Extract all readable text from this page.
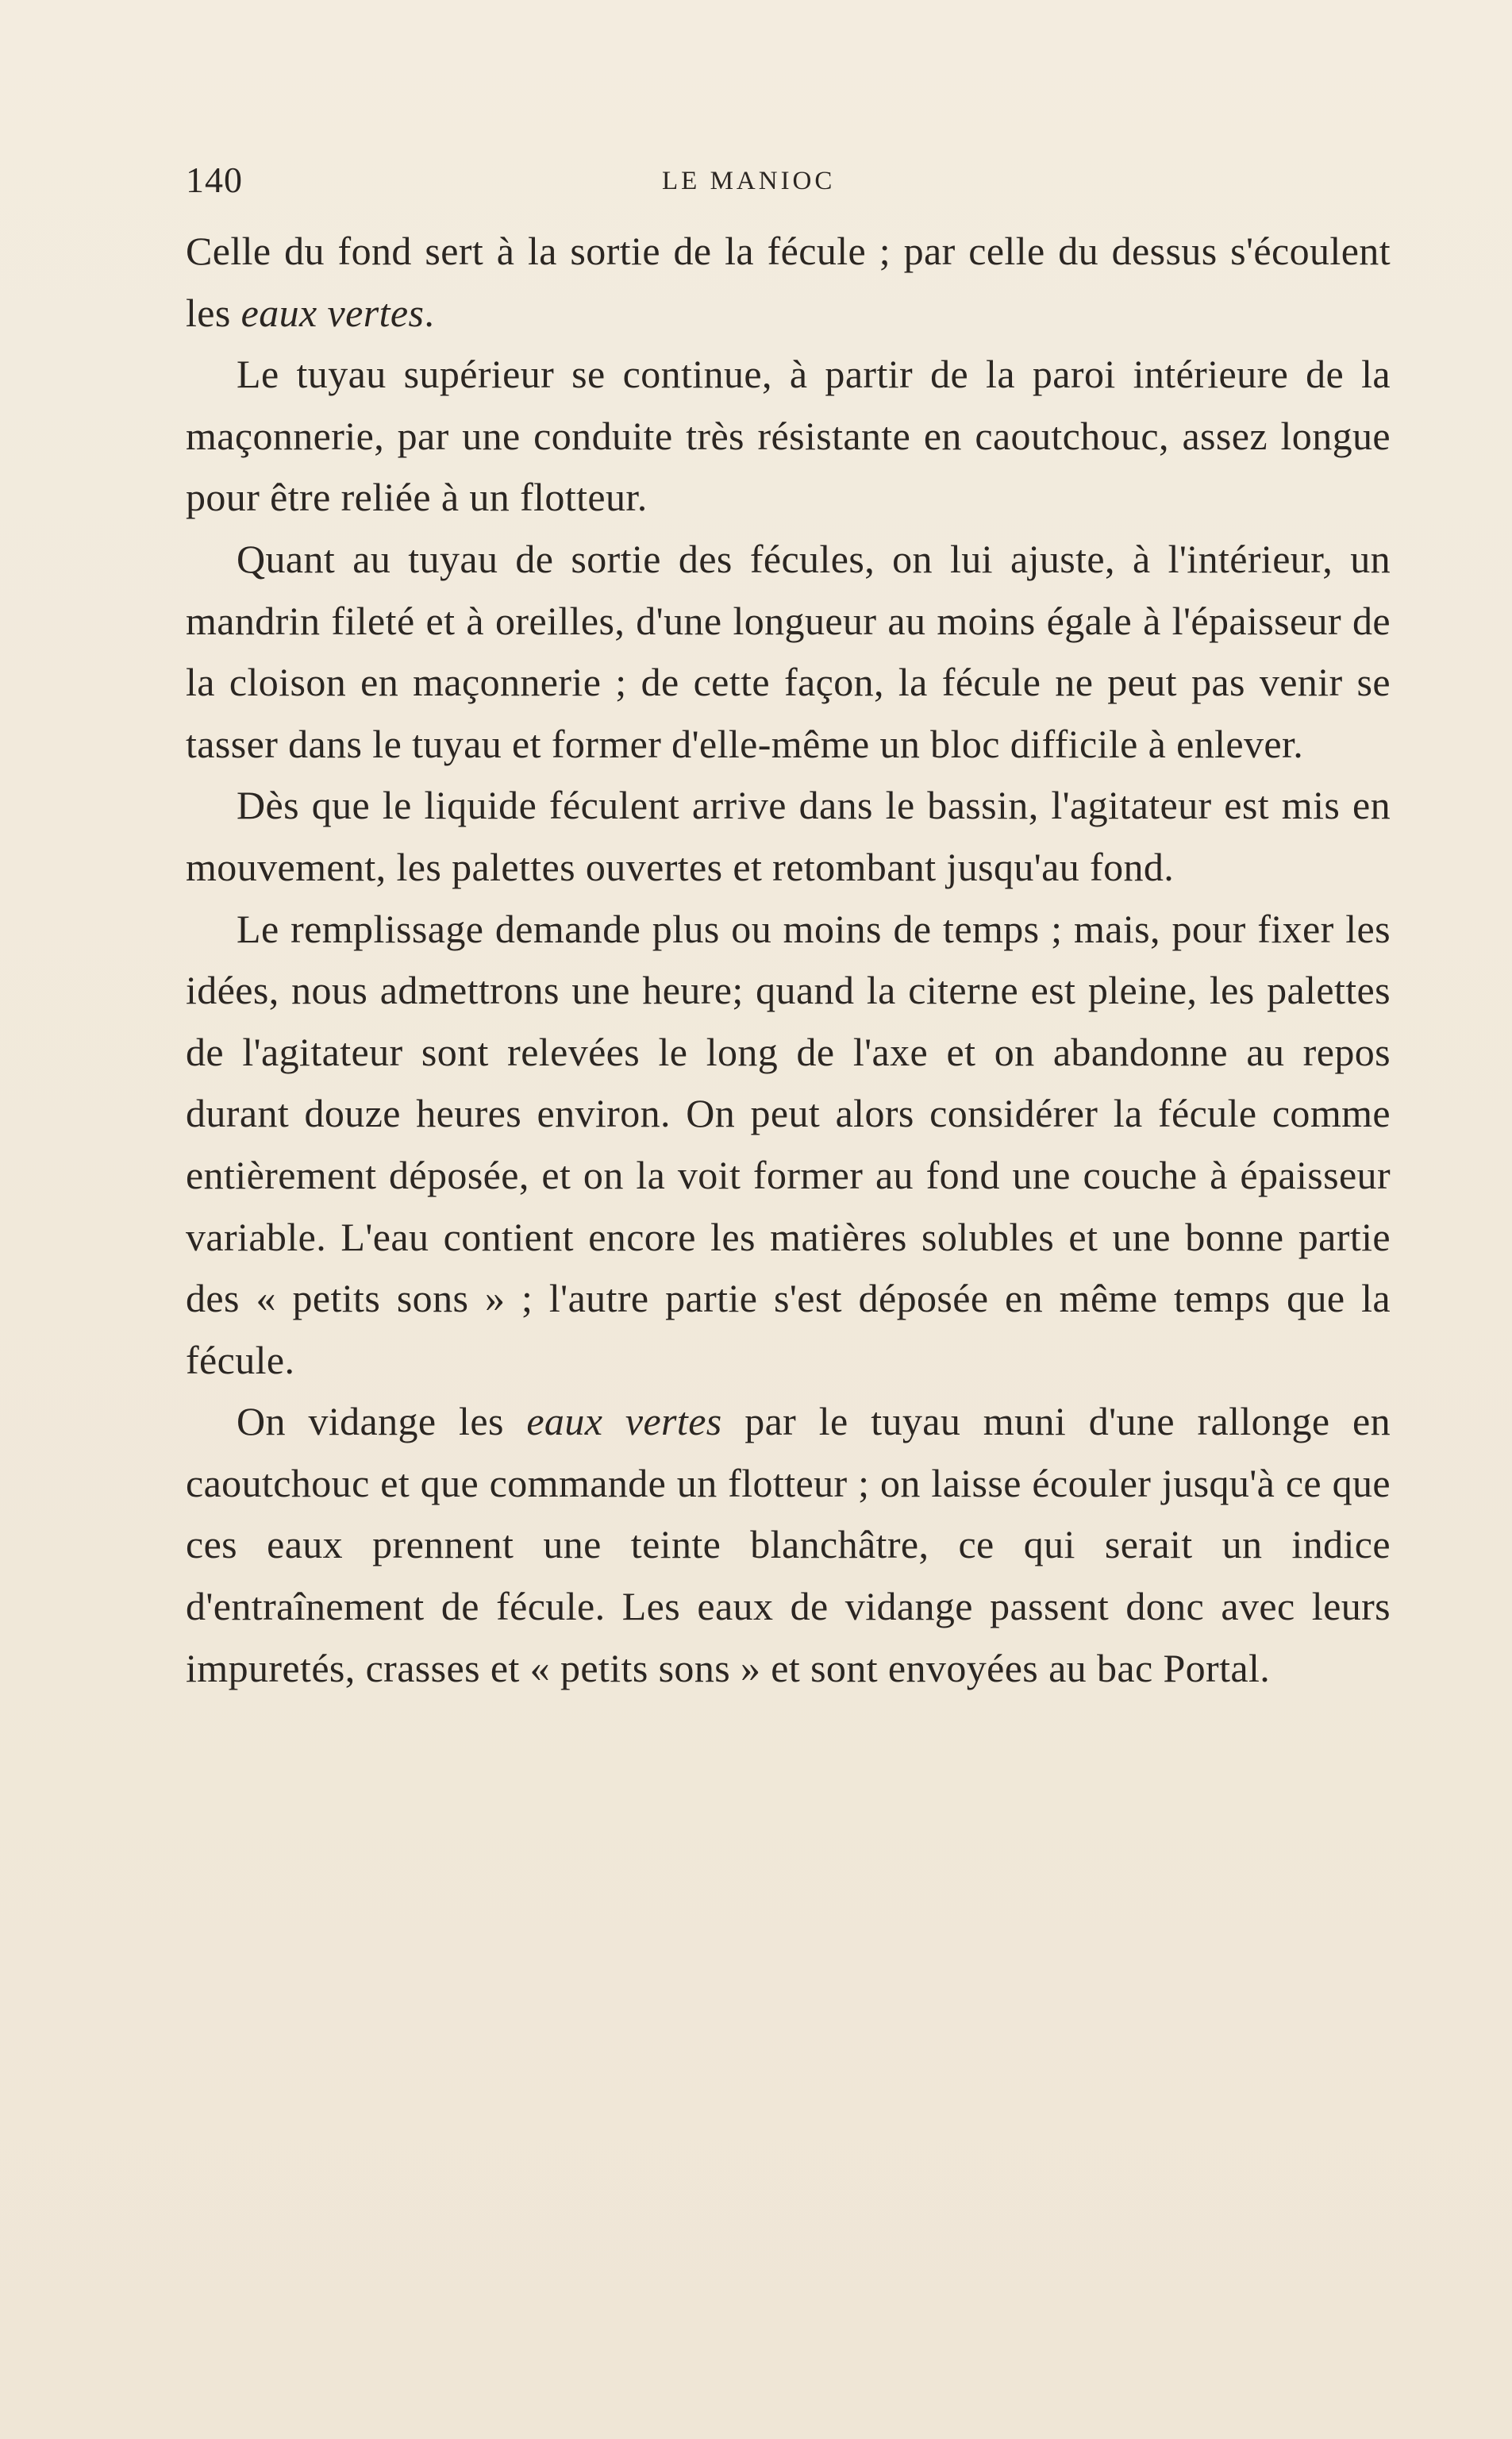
140	LE MANIOC

Celle du fond sert à la sortie de la fécule ; par celle du dessus s'écoulent les eaux vertes.

Le tuyau supérieur se continue, à partir de la paroi intérieure de la maçonnerie, par une conduite très résistante en caoutchouc, assez longue pour être reliée à un flotteur.

Quant au tuyau de sortie des fécules, on lui ajuste, à l'intérieur, un mandrin fileté et à oreilles, d'une longueur au moins égale à l'épaisseur de la cloison en maçonnerie ; de cette façon, la fécule ne peut pas venir se tasser dans le tuyau et former d'elle-même un bloc difficile à enlever.

Dès que le liquide féculent arrive dans le bassin, l'agitateur est mis en mouvement, les palettes ouvertes et retombant jusqu'au fond.

Le remplissage demande plus ou moins de temps ; mais, pour fixer les idées, nous admettrons une heure; quand la citerne est pleine, les palettes de l'agitateur sont relevées le long de l'axe et on abandonne au repos durant douze heures environ. On peut alors considérer la fécule comme entièrement déposée, et on la voit former au fond une couche à épaisseur variable. L'eau contient encore les matières solubles et une bonne partie des « petits sons » ; l'autre partie s'est déposée en même temps que la fécule.

On vidange les eaux vertes par le tuyau muni d'une rallonge en caoutchouc et que commande un flotteur ; on laisse écouler jusqu'à ce que ces eaux prennent une teinte blanchâtre, ce qui serait un indice d'entraînement de fécule. Les eaux de vidange passent donc avec leurs impuretés, crasses et « petits sons » et sont envoyées au bac Portal.
